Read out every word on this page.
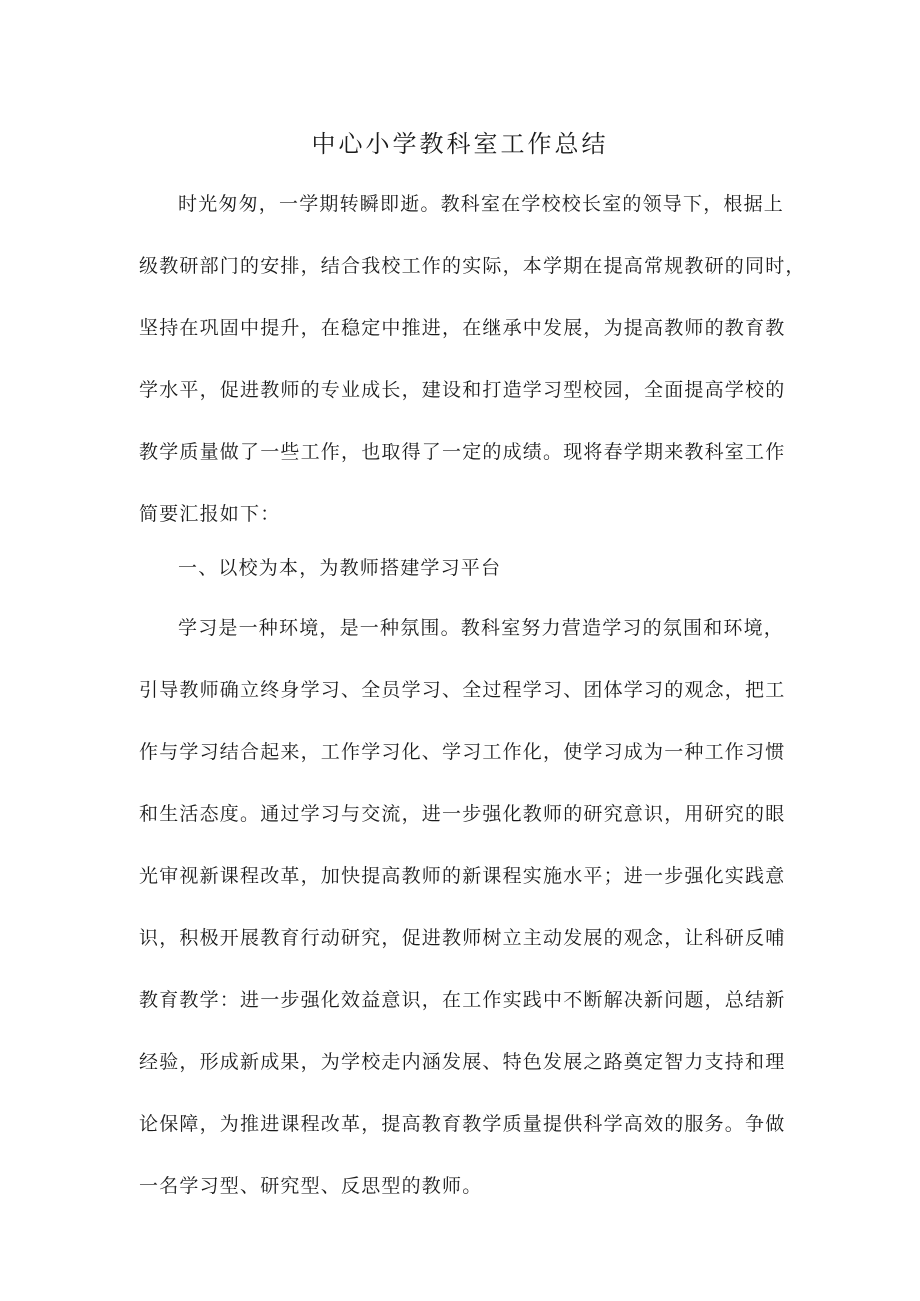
中心小学教科室工作总结

时光匆匆，一学期转瞬即逝。教科室在学校校长室的领导下，根据上

级教研部门的安排，结合我校工作的实际，本学期在提高常规教研的同时，

坚持在巩固中提升，在稳定中推进，在继承中发展，为提高教师的教育教

学水平，促进教师的专业成长，建设和打造学习型校园，全面提高学校的

教学质量做了一些工作，也取得了一定的成绩。现将春学期来教科室工作

简要汇报如下：

一、以校为本，为教师搭建学习平台

学习是一种环境，是一种氛围。教科室努力营造学习的氛围和环境，

引导教师确立终身学习、全员学习、全过程学习、团体学习的观念，把工

作与学习结合起来，工作学习化、学习工作化，使学习成为一种工作习惯

和生活态度。通过学习与交流，进一步强化教师的研究意识，用研究的眼

光审视新课程改革，加快提高教师的新课程实施水平；进一步强化实践意

识，积极开展教育行动研究，促进教师树立主动发展的观念，让科研反哺

教育教学：进一步强化效益意识，在工作实践中不断解决新问题，总结新

经验，形成新成果，为学校走内涵发展、特色发展之路奠定智力支持和理

论保障，为推进课程改革，提高教育教学质量提供科学高效的服务。争做

一名学习型、研究型、反思型的教师。
